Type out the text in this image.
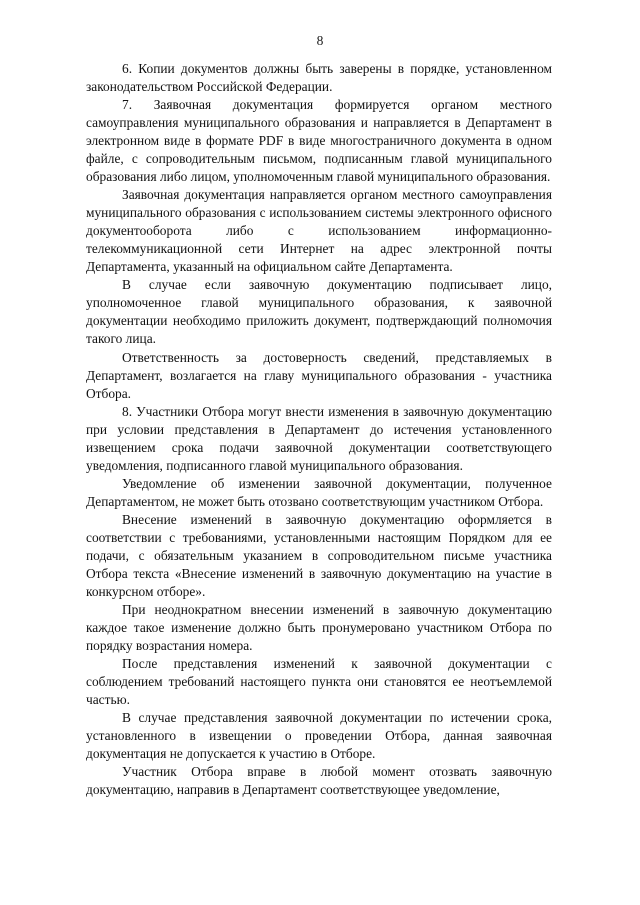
8

6. Копии документов должны быть заверены в порядке, установленном законодательством Российской Федерации.

7. Заявочная документация формируется органом местного самоуправления муниципального образования и направляется в Департамент в электронном виде в формате PDF в виде многостраничного документа в одном файле, с сопроводительным письмом, подписанным главой муниципального образования либо лицом, уполномоченным главой муниципального образования.

Заявочная документация направляется органом местного самоуправления муниципального образования с использованием системы электронного офисного документооборота либо с использованием информационно-телекоммуникационной сети Интернет на адрес электронной почты Департамента, указанный на официальном сайте Департамента.

В случае если заявочную документацию подписывает лицо, уполномоченное главой муниципального образования, к заявочной документации необходимо приложить документ, подтверждающий полномочия такого лица.

Ответственность за достоверность сведений, представляемых в Департамент, возлагается на главу муниципального образования - участника Отбора.

8. Участники Отбора могут внести изменения в заявочную документацию при условии представления в Департамент до истечения установленного извещением срока подачи заявочной документации соответствующего уведомления, подписанного главой муниципального образования.

Уведомление об изменении заявочной документации, полученное Департаментом, не может быть отозвано соответствующим участником Отбора.

Внесение изменений в заявочную документацию оформляется в соответствии с требованиями, установленными настоящим Порядком для ее подачи, с обязательным указанием в сопроводительном письме участника Отбора текста «Внесение изменений в заявочную документацию на участие в конкурсном отборе».

При неоднократном внесении изменений в заявочную документацию каждое такое изменение должно быть пронумеровано участником Отбора по порядку возрастания номера.

После представления изменений к заявочной документации с соблюдением требований настоящего пункта они становятся ее неотъемлемой частью.

В случае представления заявочной документации по истечении срока, установленного в извещении о проведении Отбора, данная заявочная документация не допускается к участию в Отборе.

Участник Отбора вправе в любой момент отозвать заявочную документацию, направив в Департамент соответствующее уведомление,
